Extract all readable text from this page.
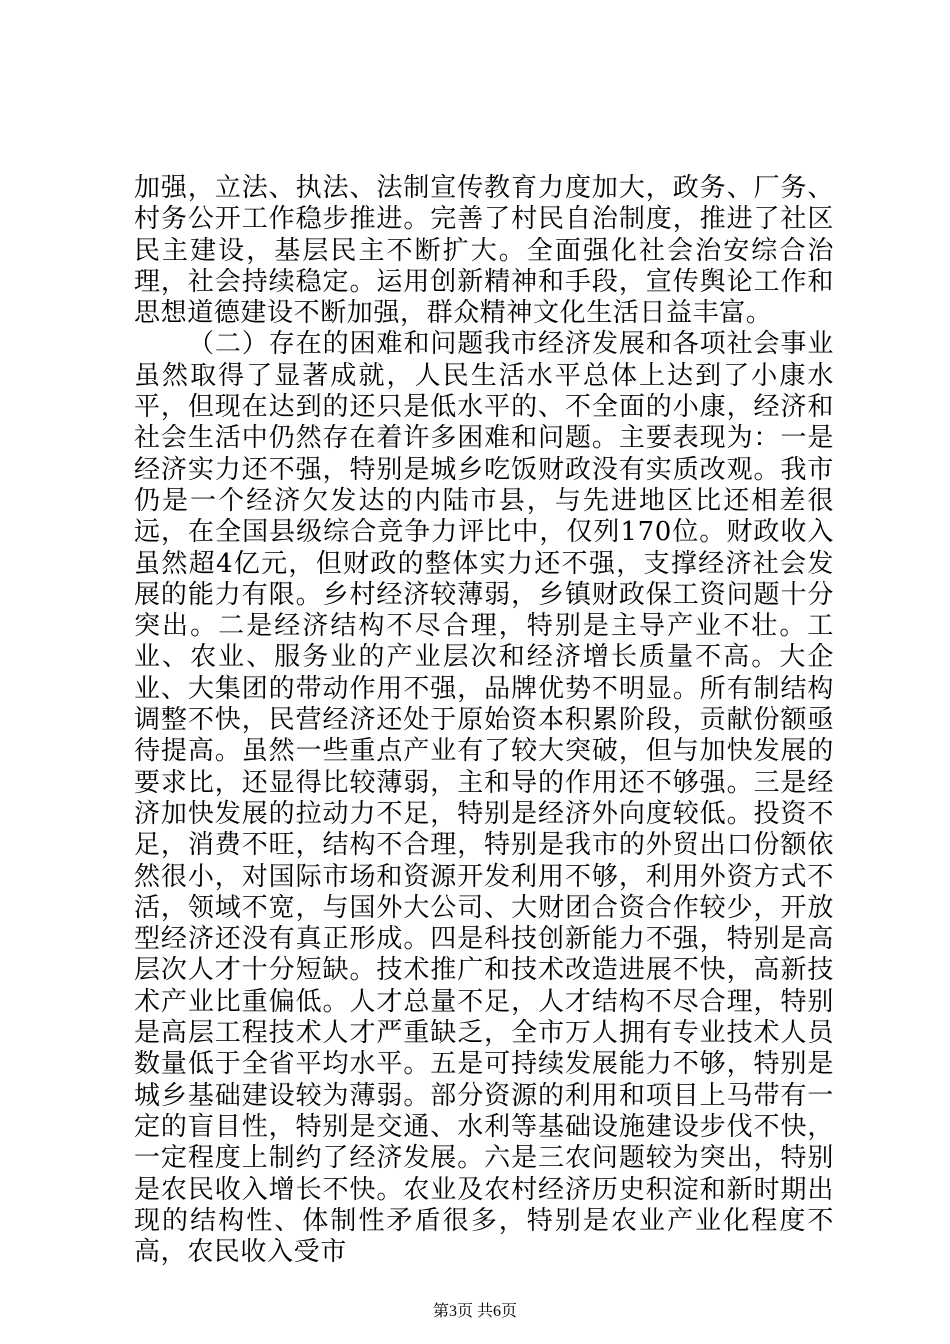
加强，立法、执法、法制宣传教育力度加大，政务、厂务、村务公开工作稳步推进。完善了村民自治制度，推进了社区民主建设，基层民主不断扩大。全面强化社会治安综合治理，社会持续稳定。运用创新精神和手段，宣传舆论工作和思想道德建设不断加强，群众精神文化生活日益丰富。

（二）存在的困难和问题我市经济发展和各项社会事业虽然取得了显著成就，人民生活水平总体上达到了小康水平，但现在达到的还只是低水平的、不全面的小康，经济和社会生活中仍然存在着许多困难和问题。主要表现为：一是经济实力还不强，特别是城乡吃饭财政没有实质改观。我市仍是一个经济欠发达的内陆市县，与先进地区比还相差很远，在全国县级综合竞争力评比中，仅列170位。财政收入虽然超4亿元，但财政的整体实力还不强，支撑经济社会发展的能力有限。乡村经济较薄弱，乡镇财政保工资问题十分突出。二是经济结构不尽合理，特别是主导产业不壮。工业、农业、服务业的产业层次和经济增长质量不高。大企业、大集团的带动作用不强，品牌优势不明显。所有制结构调整不快，民营经济还处于原始资本积累阶段，贡献份额亟待提高。虽然一些重点产业有了较大突破，但与加快发展的要求比，还显得比较薄弱，主和导的作用还不够强。三是经济加快发展的拉动力不足，特别是经济外向度较低。投资不足，消费不旺，结构不合理，特别是我市的外贸出口份额依然很小，对国际市场和资源开发利用不够，利用外资方式不活，领域不宽，与国外大公司、大财团合资合作较少，开放型经济还没有真正形成。四是科技创新能力不强，特别是高层次人才十分短缺。技术推广和技术改造进展不快，高新技术产业比重偏低。人才总量不足，人才结构不尽合理，特别是高层工程技术人才严重缺乏，全市万人拥有专业技术人员数量低于全省平均水平。五是可持续发展能力不够，特别是城乡基础建设较为薄弱。部分资源的利用和项目上马带有一定的盲目性，特别是交通、水利等基础设施建设步伐不快，一定程度上制约了经济发展。六是三农问题较为突出，特别是农民收入增长不快。农业及农村经济历史积淀和新时期出现的结构性、体制性矛盾很多，特别是农业产业化程度不高，农民收入受市

第3页 共6页
